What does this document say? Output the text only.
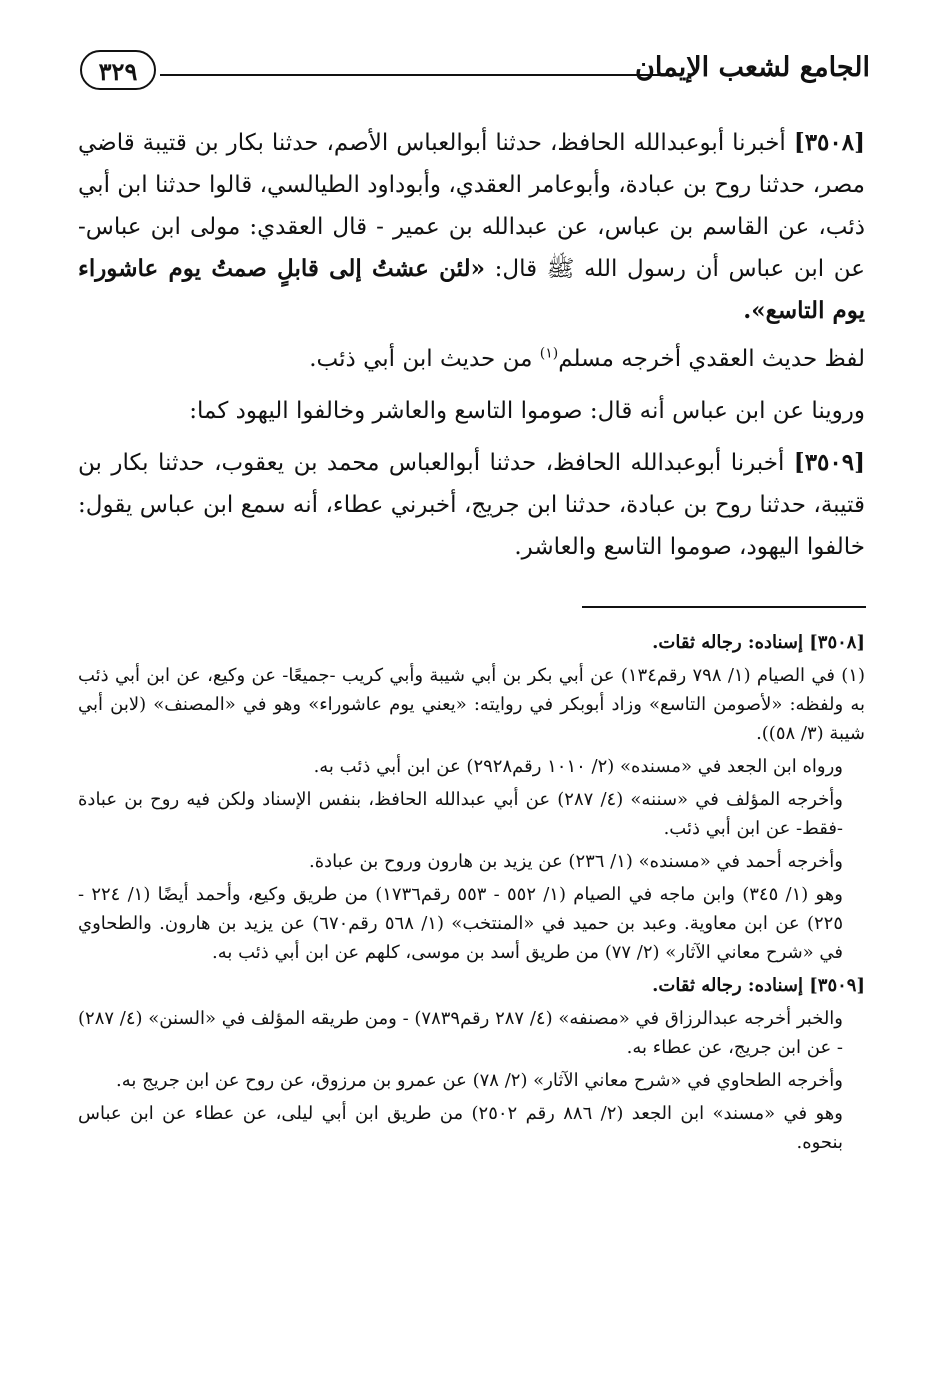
٣٢٩	الجامع لشعب الإيمان

[٣٥٠٨] أخبرنا أبوعبدالله الحافظ، حدثنا أبوالعباس الأصم، حدثنا بكار بن قتيبة قاضي مصر، حدثنا روح بن عبادة، وأبوعامر العقدي، وأبوداود الطيالسي، قالوا حدثنا ابن أبي ذئب، عن القاسم بن عباس، عن عبدالله بن عمير - قال العقدي: مولى ابن عباس- عن ابن عباس أن رسول الله ﷺ قال: «لئن عشتُ إلى قابلٍ صمتُ يوم عاشوراء يوم التاسع».

لفظ حديث العقدي أخرجه مسلم$^{(١)}$ من حديث ابن أبي ذئب.

وروينا عن ابن عباس أنه قال: صوموا التاسع والعاشر وخالفوا اليهود كما:

[٣٥٠٩] أخبرنا أبوعبدالله الحافظ، حدثنا أبوالعباس محمد بن يعقوب، حدثنا بكار بن قتيبة، حدثنا روح بن عبادة، حدثنا ابن جريج، أخبرني عطاء، أنه سمع ابن عباس يقول: خالفوا اليهود، صوموا التاسع والعاشر.

[٣٥٠٨] إسناده: رجاله ثقات.

(١) في الصيام (١/ ٧٩٨ رقم١٣٤) عن أبي بكر بن أبي شيبة وأبي كريب -جميعًا- عن وكيع، عن ابن أبي ذئب به ولفظه: «لأصومن التاسع» وزاد أبوبكر في روايته: «يعني يوم عاشوراء» وهو في «المصنف» (لابن أبي شيبة (٣/ ٥٨)).

ورواه ابن الجعد في «مسنده» (٢/ ١٠١٠ رقم٢٩٢٨) عن ابن أبي ذئب به.

وأخرجه المؤلف في «سننه» (٤/ ٢٨٧) عن أبي عبدالله الحافظ، بنفس الإسناد ولكن فيه روح بن عبادة -فقط- عن ابن أبي ذئب.

وأخرجه أحمد في «مسنده» (١/ ٢٣٦) عن يزيد بن هارون وروح بن عبادة.

وهو (١/ ٣٤٥) وابن ماجه في الصيام (١/ ٥٥٢ - ٥٥٣ رقم١٧٣٦) من طريق وكيع، وأحمد أيضًا (١/ ٢٢٤ - ٢٢٥) عن ابن معاوية. وعبد بن حميد في «المنتخب» (١/ ٥٦٨ رقم٦٧٠) عن يزيد بن هارون. والطحاوي في «شرح معاني الآثار» (٢/ ٧٧) من طريق أسد بن موسى، كلهم عن ابن أبي ذئب به.

[٣٥٠٩] إسناده: رجاله ثقات.

والخبر أخرجه عبدالرزاق في «مصنفه» (٤/ ٢٨٧ رقم٧٨٣٩) - ومن طريقه المؤلف في «السنن» (٤/ ٢٨٧) - عن ابن جريج، عن عطاء به.

وأخرجه الطحاوي في «شرح معاني الآثار» (٢/ ٧٨) عن عمرو بن مرزوق، عن روح عن ابن جريج به.

وهو في «مسند» ابن الجعد (٢/ ٨٨٦ رقم ٢٥٠٢) من طريق ابن أبي ليلى، عن عطاء عن ابن عباس بنحوه.
